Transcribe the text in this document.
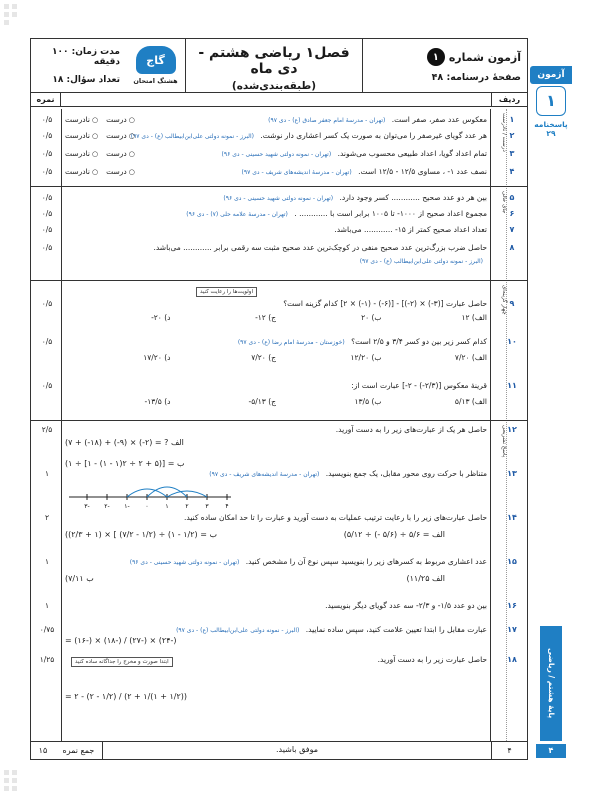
آزمون شماره
۱
صفحهٔ درسنامه: ۴۸
فصل۱ ریاضی هشتم - دی ماه
(طبقه‌بندی‌شده)
گاج
هشتگ امتحان
مدت زمان: ۱۰۰ دقیقه
تعداد سؤال: ۱۸
ردیف
نمره
درست / نادرست ۱
معکوس عدد صفر، صفر است. (تهران - مدرسهٔ امام جعفر صادق (ع) - دی ۹۷)
○ درست
○ نادرست
۰/۵
۲
هر عدد گویای غیرصفر را می‌توان به صورت یک کسر اعشاری دار نوشت. (البرز - نمونه دولتی علی‌ابن‌ابیطالب (ع) - دی ۹۷)
○ درست
○ نادرست
۰/۵
۳
تمام اعداد گویا، اعداد طبیعی محسوب می‌شوند. (تهران - نمونه دولتی شهید حسینی - دی ۹۶)
○ درست
○ نادرست
۰/۵
۴
نصف عدد ۱- ، مساوی ۱۲/۵ - ۱۲/۵ است. (تهران - مدرسهٔ اندیشه‌های شریف - دی ۹۷)
○ درست
○ نادرست
۰/۵
جای خالی ۵
بین هر دو عدد صحیح ............ کسر وجود دارد. (تهران - نمونه دولتی شهید حسینی - دی ۹۶)
۰/۵
۶
مجموع اعداد صحیح از ۱۰۰۰- تا ۱۰۰۵ برابر است با ............ . (تهران - مدرسهٔ علامه حلی (۷) - دی ۹۶)
۰/۵
۷
تعداد اعداد صحیح کمتر از ۱۵- ............ می‌باشد.
۰/۵
۸
حاصل ضرب بزرگ‌ترین عدد صحیح منفی در کوچک‌ترین عدد صحیح مثبت سه رقمی برابر ............ می‌باشد.
(البرز - نمونه دولتی علی‌ابن‌ابیطالب (ع) - دی ۹۷)
۰/۵
چهار گزینه‌ای
اولویت‌ها را رعایت کنید
۹
حاصل عبارت [(۳-) × (۲-)] - [(۶-) - (۱-) × ۲] کدام گزینه است؟
۰/۵
الف) ۱۲
ب) ۲۰
ج) ۱۲-
د) ۲۰-
۱۰
کدام کسر زیر بین دو کسر ۳/۴ و ۲/۵ است؟ (خوزستان - مدرسهٔ امام رضا (ع) - دی ۹۷)
۰/۵
الف) ۷/۲۰
ب) ۱۲/۲۰
ج) ۷/۲۰
د) ۱۷/۲۰
۱۱
قرینهٔ معکوس [(۲/۳-) - ۲-] عبارت است از:
۰/۵
الف) ۵/۱۳
ب) ۱۳/۵
ج) ۵/۱۳-
د) ۱۳/۵-
پاسخ تشریحی ۱۲
حاصل هر یک از عبارت‌های زیر را به دست آورید.
۲/۵
(الف ? = (۲-) × (۹-) + (۱۸-) + ۷
(ب = [(۵ + ۲ ÷ ۲(۱ - ۱) - ۱] ÷ ۱
۱۳
متناظر با حرکت روی محور مقابل، یک جمع بنویسید. (تهران - مدرسهٔ اندیشه‌های شریف - دی ۹۷)
۱
-۳ -۲ -۱	۰	۱	۲	۳	۴
۱۴
حاصل عبارت‌های زیر را با رعایت ترتیب عملیات به دست آورید و عبارت را تا حد امکان ساده کنید.
۲
(ب = (۱/۲ - ۱) ÷ (۱/۲ - ۷/۲) ] × (۱ + ۲/۳)	(الف = ۵/۶ ÷ (۵/۶ -) ÷ ۵/۱۲
۱۵
عدد اعشاری مربوط به کسرهای زیر را بنویسید سپس نوع آن را مشخص کنید. (تهران - نمونه دولتی شهید حسینی - دی ۹۶)
۱
(ب ۷/۱۱	(الف ۱۱/۲۵
۱۶
بین دو عدد ۱/۵- و ۲/۳- سه عدد گویای دیگر بنویسید.
۱
۱۷
عبارت مقابل را ابتدا تعیین علامت کنید، سپس ساده نمایید. (البرز - نمونه دولتی علی‌ابن‌ابیطالب (ع) - دی ۹۷)
۰/۷۵
= (۱۶-) × (۱۸-) / (۲۷-) × (۲۴-)
۱۸
حاصل عبارت زیر را به دست آورید.
۱/۲۵	ابتدا صورت و مخرج را جداگانه ساده کنید
= ۲ - (۲ - ۱/۲) / (۲ + ۱/(۱ + ۱/۲))
۴
موفق باشید.
جمع نمره
۱۵
آزمون
۱
پاسخنامه
۲۹
پایهٔ هشتم / ریاضی
۴
